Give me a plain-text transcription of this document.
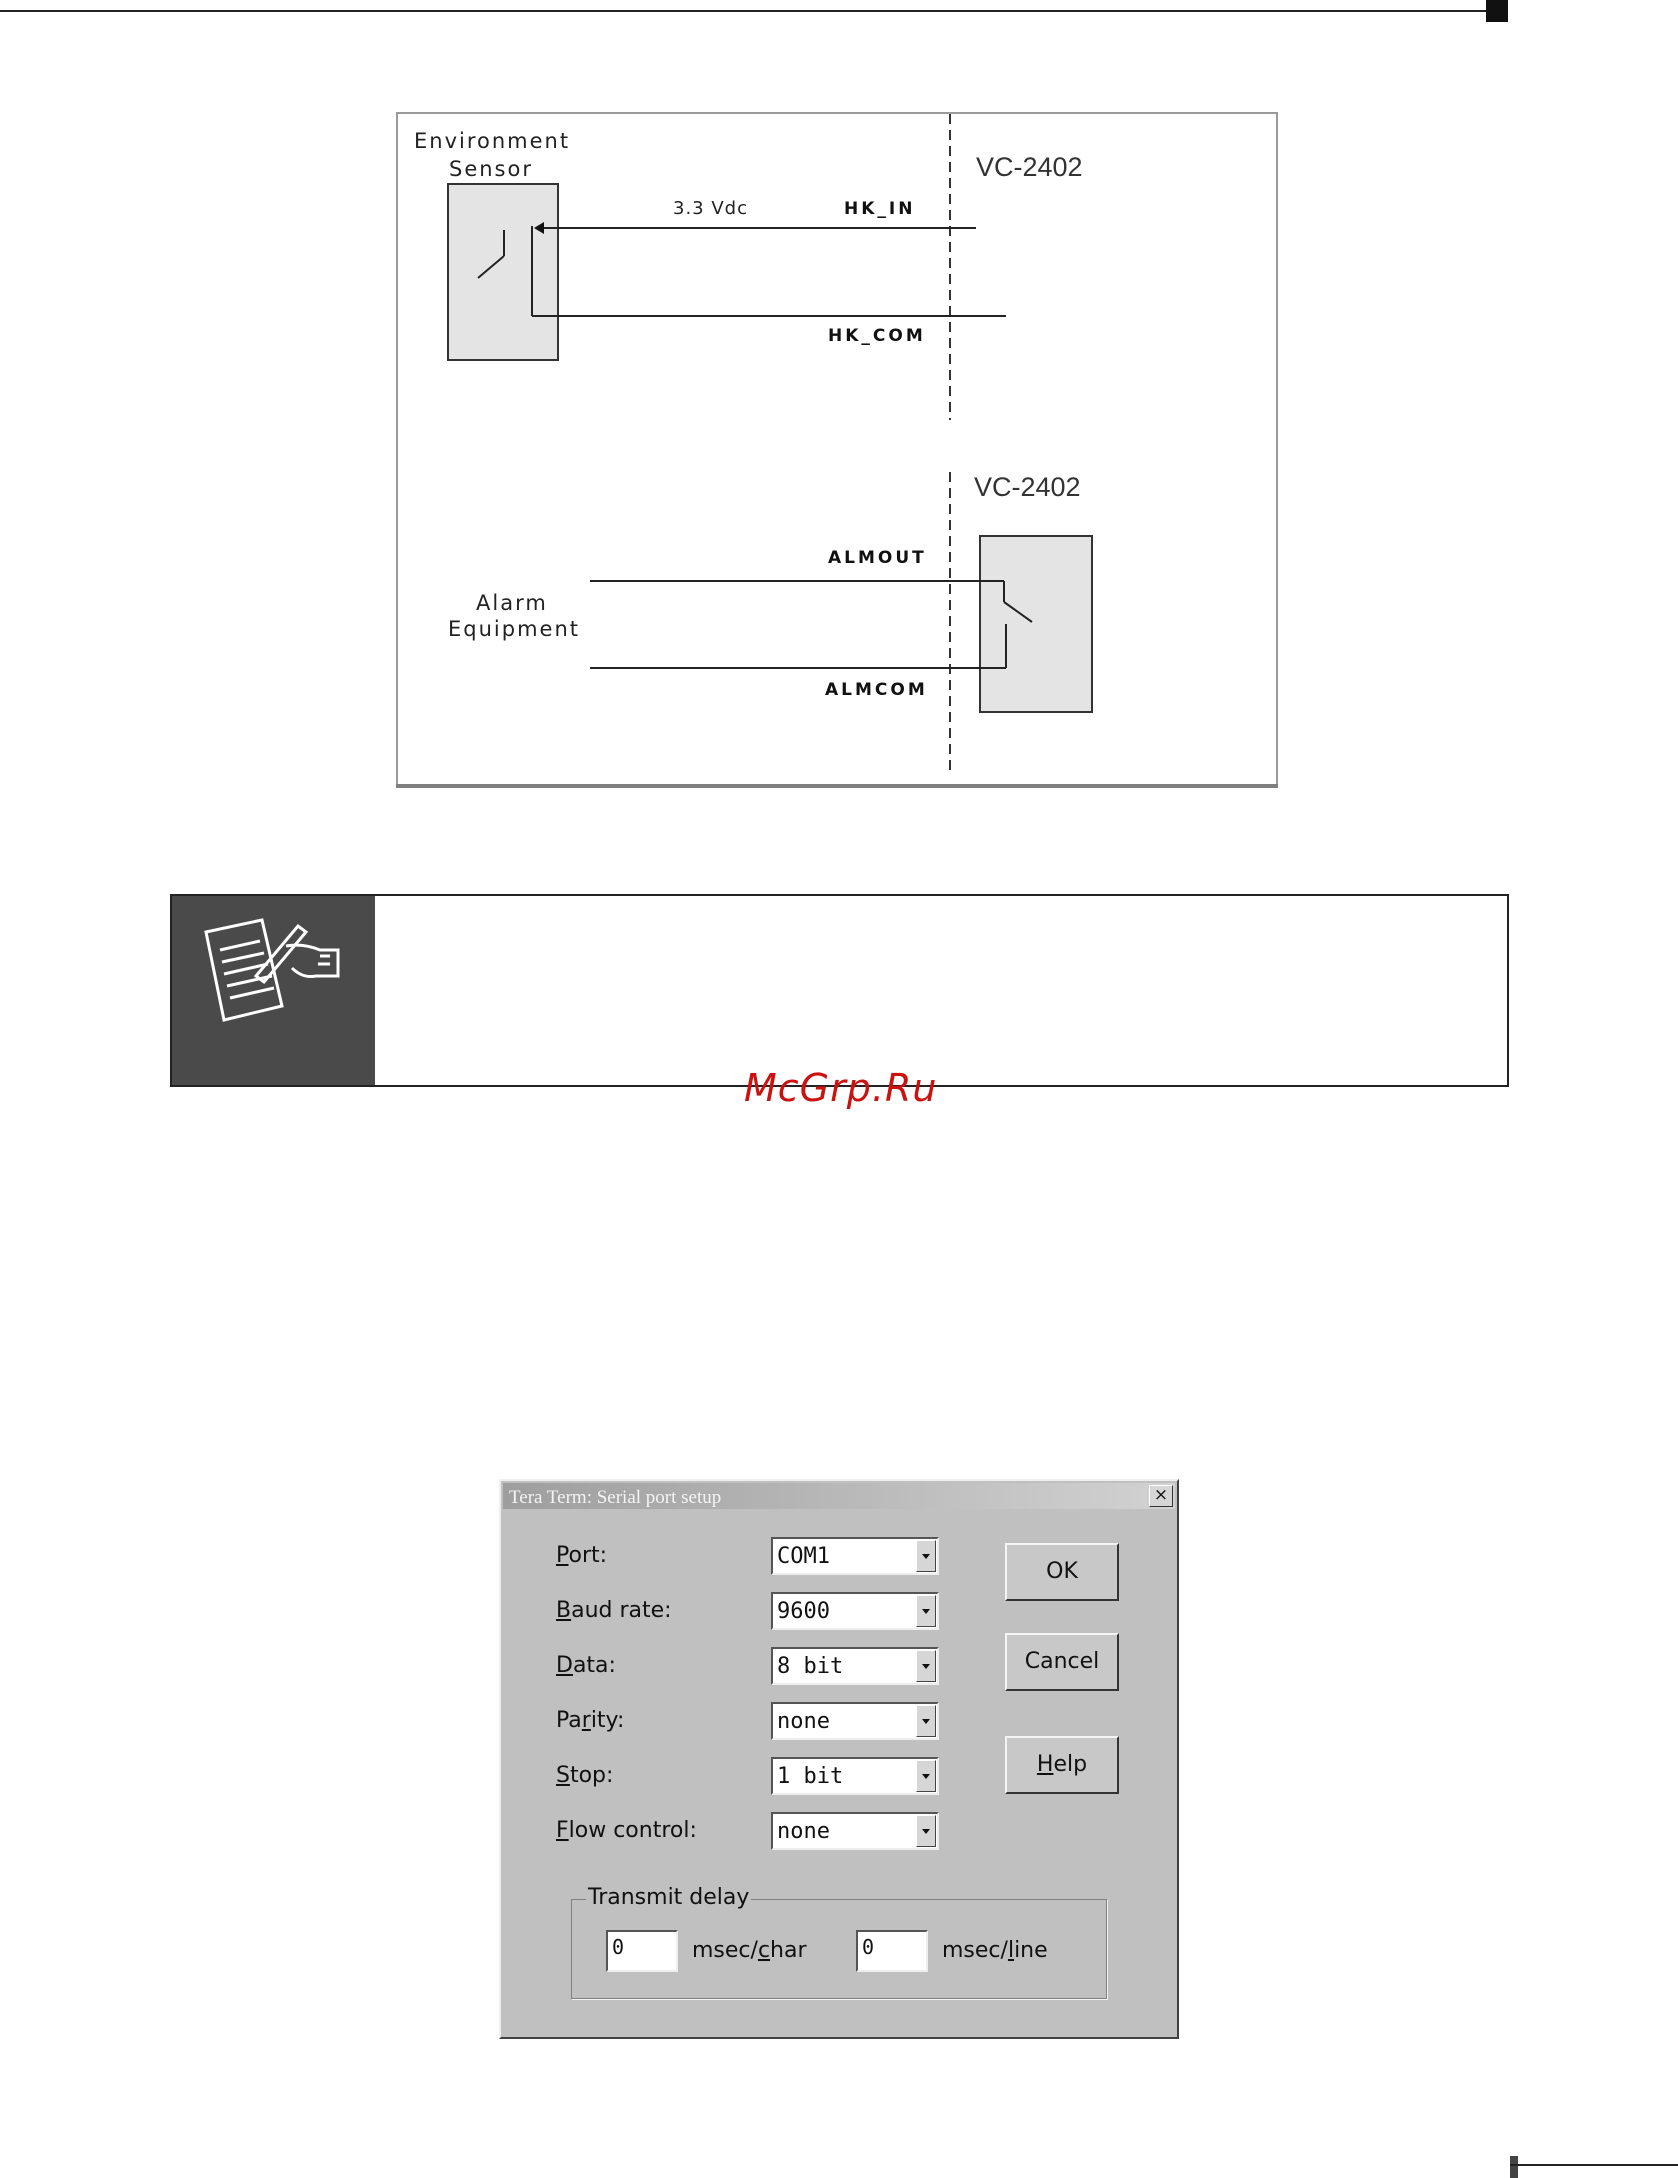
Environment
Sensor
3.3 Vdc	HK_IN
HK_COM
VC-2402
VC-2402
ALMOUT
ALMCOM
Alarm
Equipment
McGrp.Ru
Tera Term: Serial port setup	×
Port:	COM1
Baud rate:	9600
Data:	8 bit
Parity:	none
Stop:	1 bit
Flow control:	none
OK
Cancel
Help
Transmit delay
0	msec/char	0	msec/line
